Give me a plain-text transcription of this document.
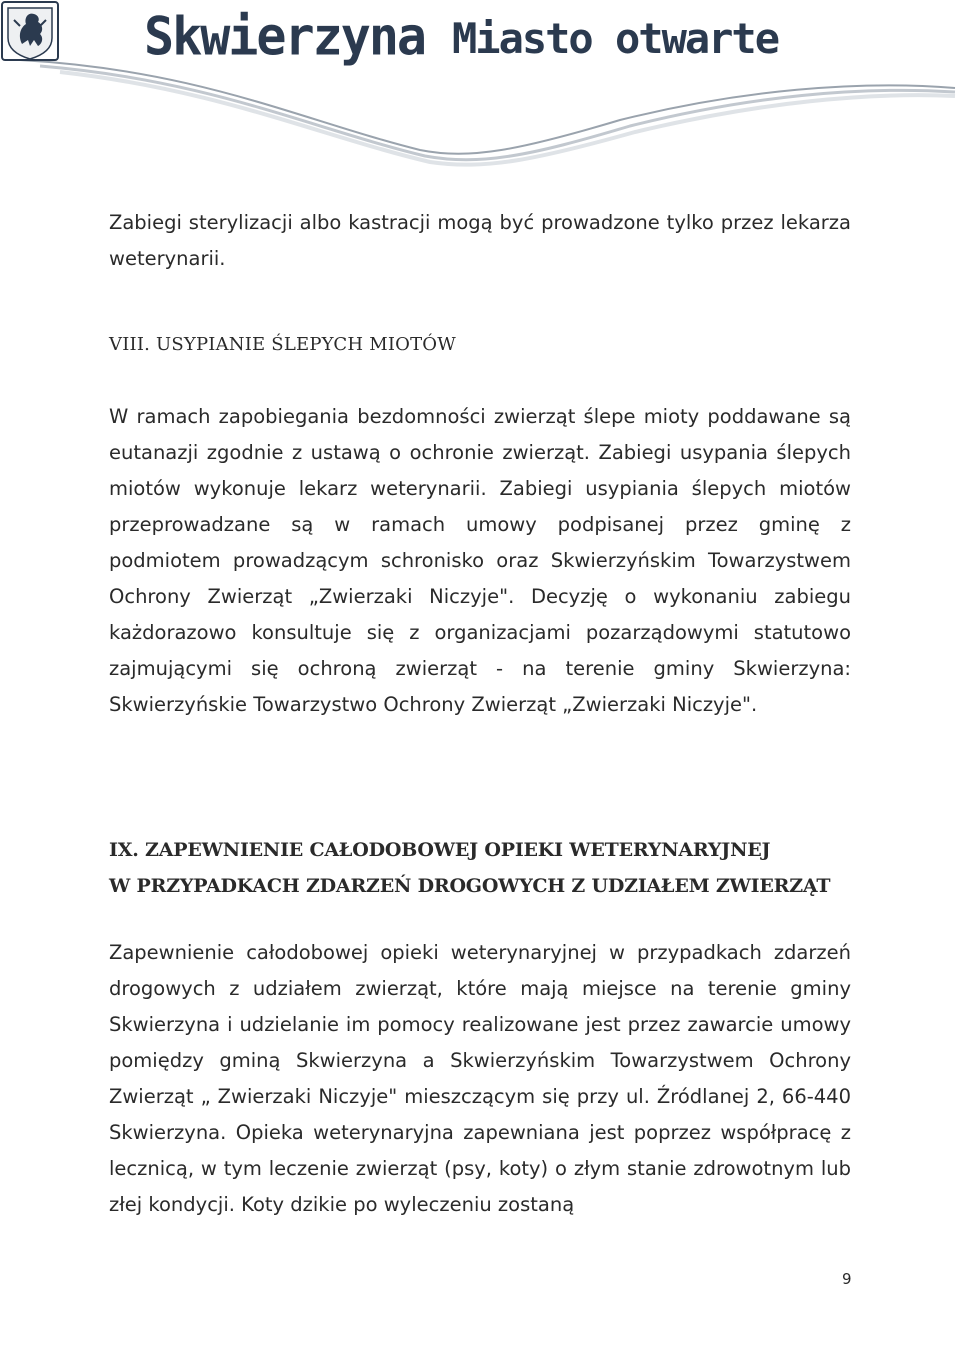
Skwierzyna Miasto otwarte

Zabiegi sterylizacji albo kastracji mogą być prowadzone tylko przez lekarza weterynarii.

VIII. USYPIANIE ŚLEPYCH MIOTÓW

W ramach zapobiegania bezdomności zwierząt ślepe mioty poddawane są eutanazji zgodnie z ustawą o ochronie zwierząt. Zabiegi usypania ślepych miotów wykonuje lekarz weterynarii. Zabiegi usypiania ślepych miotów przeprowadzane są w ramach umowy podpisanej przez gminę z podmiotem prowadzącym schronisko oraz Skwierzyńskim Towarzystwem Ochrony Zwierząt „Zwierzaki Niczyje". Decyzję o wykonaniu zabiegu każdorazowo konsultuje się z organizacjami pozarządowymi statutowo zajmującymi się ochroną zwierząt - na terenie gminy Skwierzyna: Skwierzyńskie Towarzystwo Ochrony Zwierząt „Zwierzaki Niczyje".

IX. ZAPEWNIENIE CAŁODOBOWEJ OPIEKI WETERYNARYJNEJ
W PRZYPADKACH ZDARZEŃ DROGOWYCH Z UDZIAŁEM ZWIERZĄT

Zapewnienie całodobowej opieki weterynaryjnej w przypadkach zdarzeń drogowych z udziałem zwierząt, które mają miejsce na terenie gminy Skwierzyna i udzielanie im pomocy realizowane jest przez zawarcie umowy pomiędzy gminą Skwierzyna a Skwierzyńskim Towarzystwem Ochrony Zwierząt „ Zwierzaki Niczyje" mieszczącym się przy ul. Źródlanej 2, 66-440 Skwierzyna. Opieka weterynaryjna zapewniana jest poprzez współpracę z lecznicą, w tym leczenie zwierząt (psy, koty) o złym stanie zdrowotnym lub złej kondycji. Koty dzikie po wyleczeniu zostaną

9
